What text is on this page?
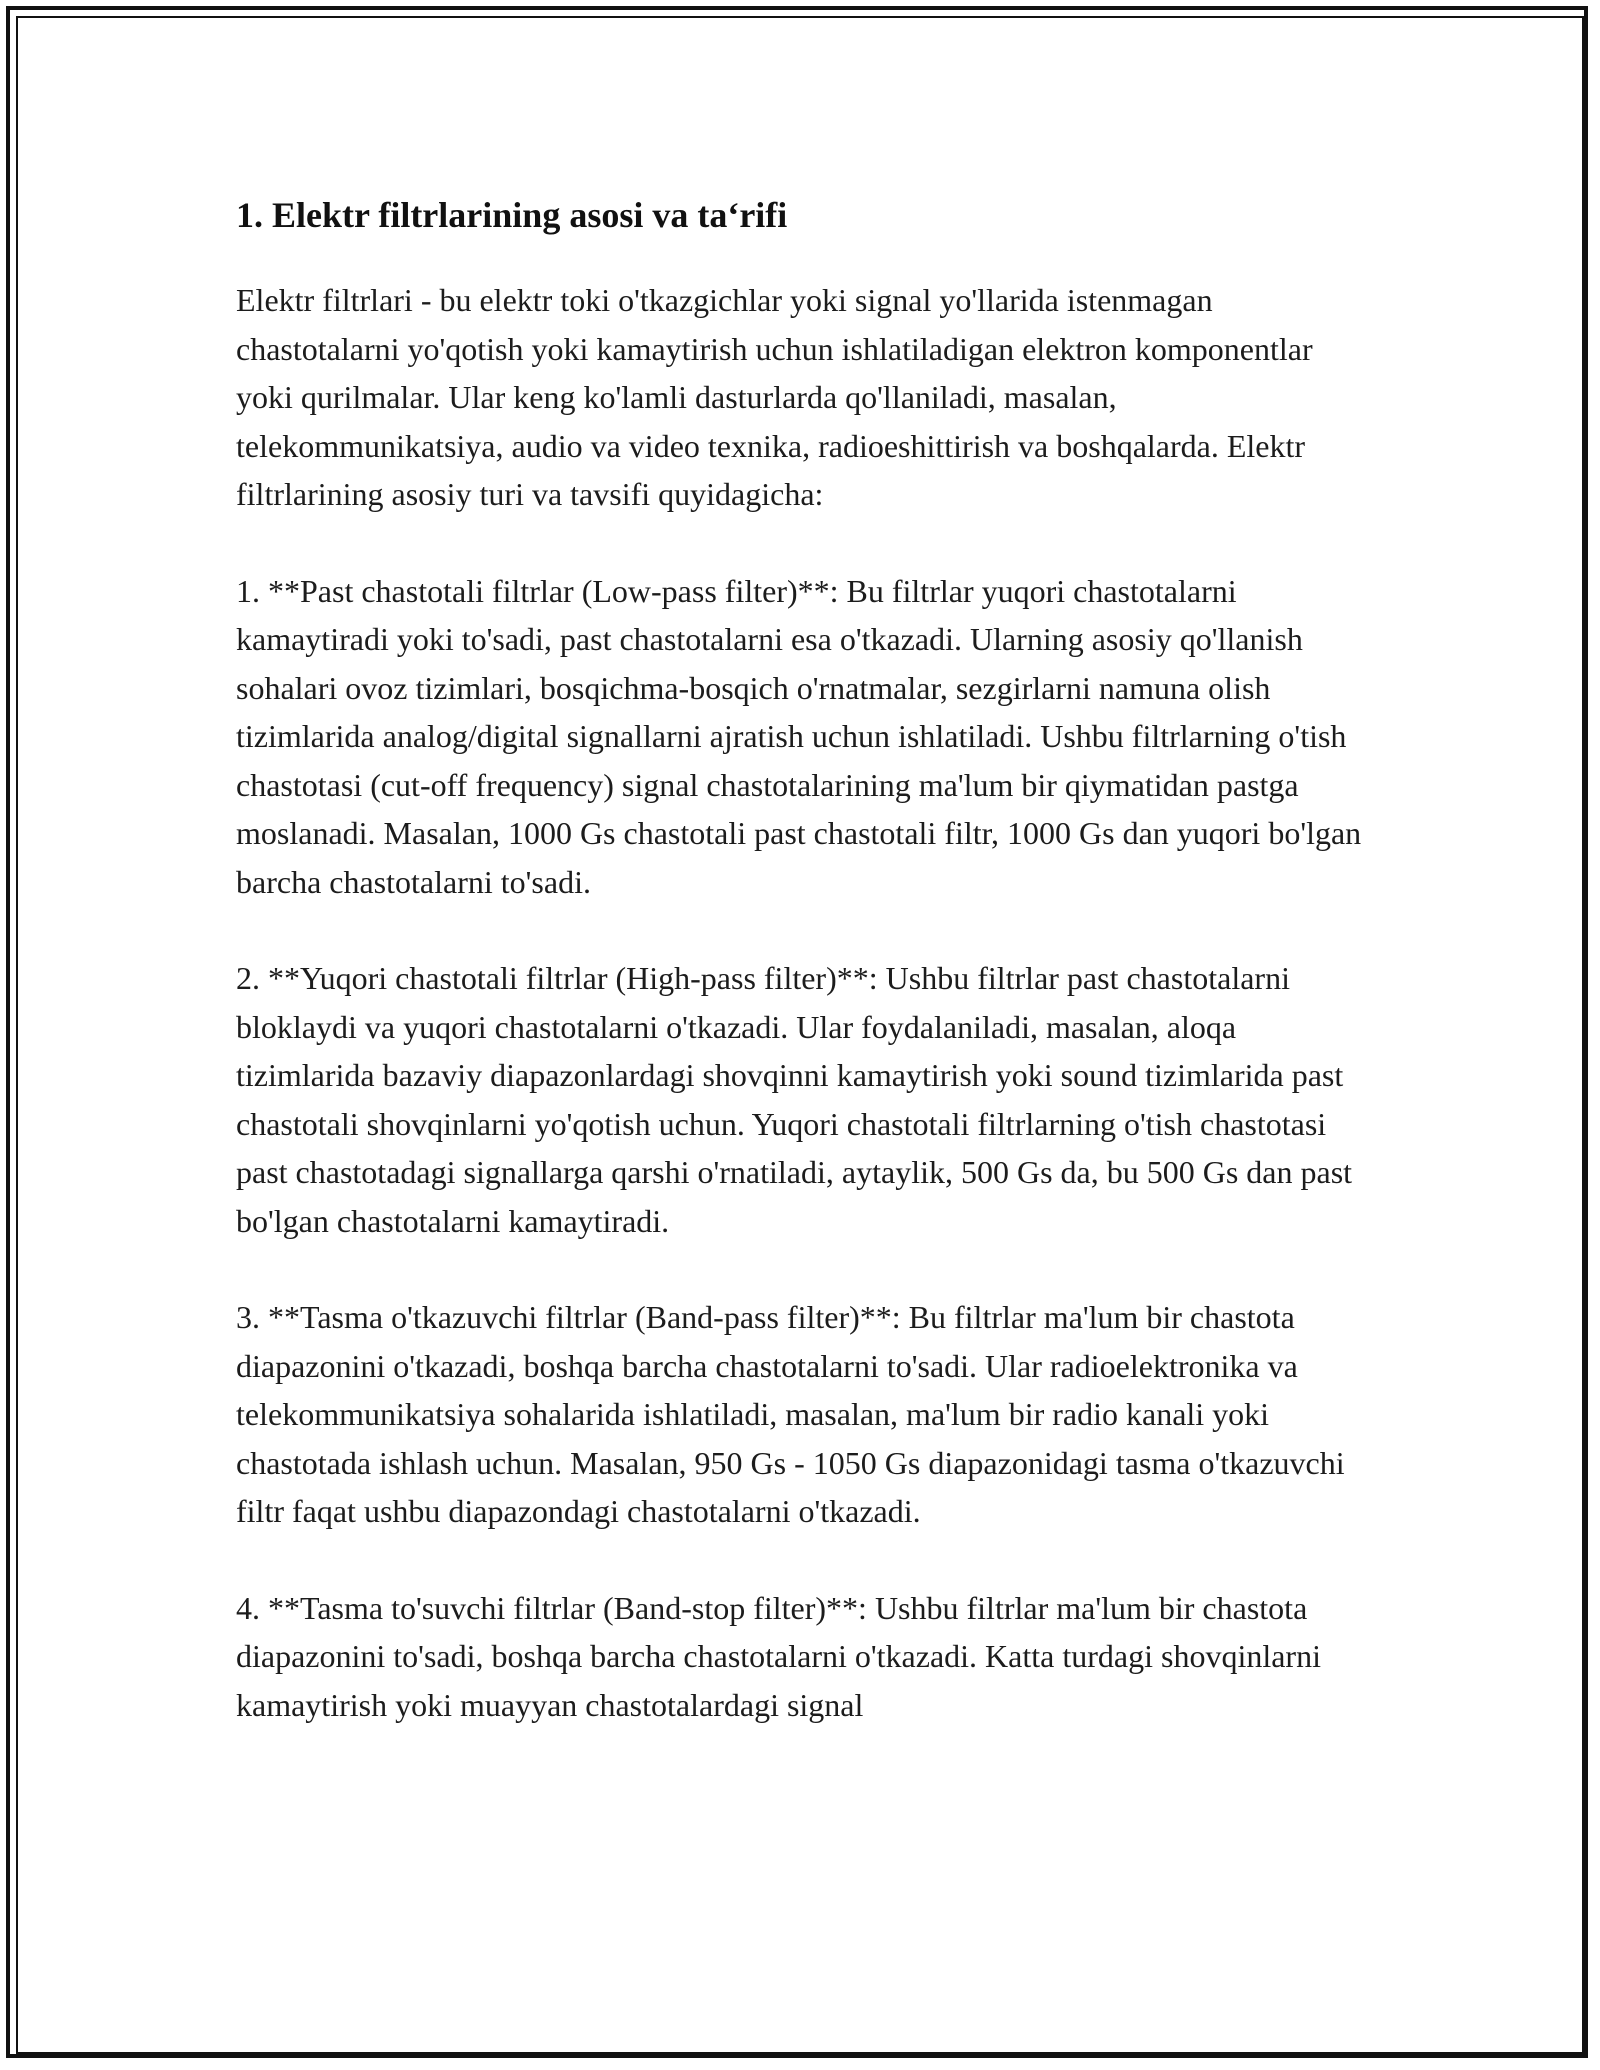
1. Elektr filtrlarining asosi va ta‘rifi

Elektr filtrlari - bu elektr toki o'tkazgichlar yoki signal yo'llarida istenmagan chastotalarni yo'qotish yoki kamaytirish uchun ishlatiladigan elektron komponentlar yoki qurilmalar. Ular keng ko'lamli dasturlarda qo'llaniladi, masalan, telekommunikatsiya, audio va video texnika, radioeshittirish va boshqalarda. Elektr filtrlarining asosiy turi va tavsifi quyidagicha:

1. **Past chastotali filtrlar (Low-pass filter)**: Bu filtrlar yuqori chastotalarni kamaytiradi yoki to'sadi, past chastotalarni esa o'tkazadi. Ularning asosiy qo'llanish sohalari ovoz tizimlari, bosqichma-bosqich o'rnatmalar, sezgirlarni namuna olish tizimlarida analog/digital signallarni ajratish uchun ishlatiladi. Ushbu filtrlarning o'tish chastotasi (cut-off frequency) signal chastotalarining ma'lum bir qiymatidan pastga moslanadi. Masalan, 1000 Gs chastotali past chastotali filtr, 1000 Gs dan yuqori bo'lgan barcha chastotalarni to'sadi.

2. **Yuqori chastotali filtrlar (High-pass filter)**: Ushbu filtrlar past chastotalarni bloklaydi va yuqori chastotalarni o'tkazadi. Ular foydalaniladi, masalan, aloqa tizimlarida bazaviy diapazonlardagi shovqinni kamaytirish yoki sound tizimlarida past chastotali shovqinlarni yo'qotish uchun. Yuqori chastotali filtrlarning o'tish chastotasi past chastotadagi signallarga qarshi o'rnatiladi, aytaylik, 500 Gs da, bu 500 Gs dan past bo'lgan chastotalarni kamaytiradi.

3. **Tasma o'tkazuvchi filtrlar (Band-pass filter)**: Bu filtrlar ma'lum bir chastota diapazonini o'tkazadi, boshqa barcha chastotalarni to'sadi. Ular radioelektronika va telekommunikatsiya sohalarida ishlatiladi, masalan, ma'lum bir radio kanali yoki chastotada ishlash uchun. Masalan, 950 Gs - 1050 Gs diapazonidagi tasma o'tkazuvchi filtr faqat ushbu diapazondagi chastotalarni o'tkazadi.

4. **Tasma to'suvchi filtrlar (Band-stop filter)**: Ushbu filtrlar ma'lum bir chastota diapazonini to'sadi, boshqa barcha chastotalarni o'tkazadi. Katta turdagi shovqinlarni kamaytirish yoki muayyan chastotalardagi signal
